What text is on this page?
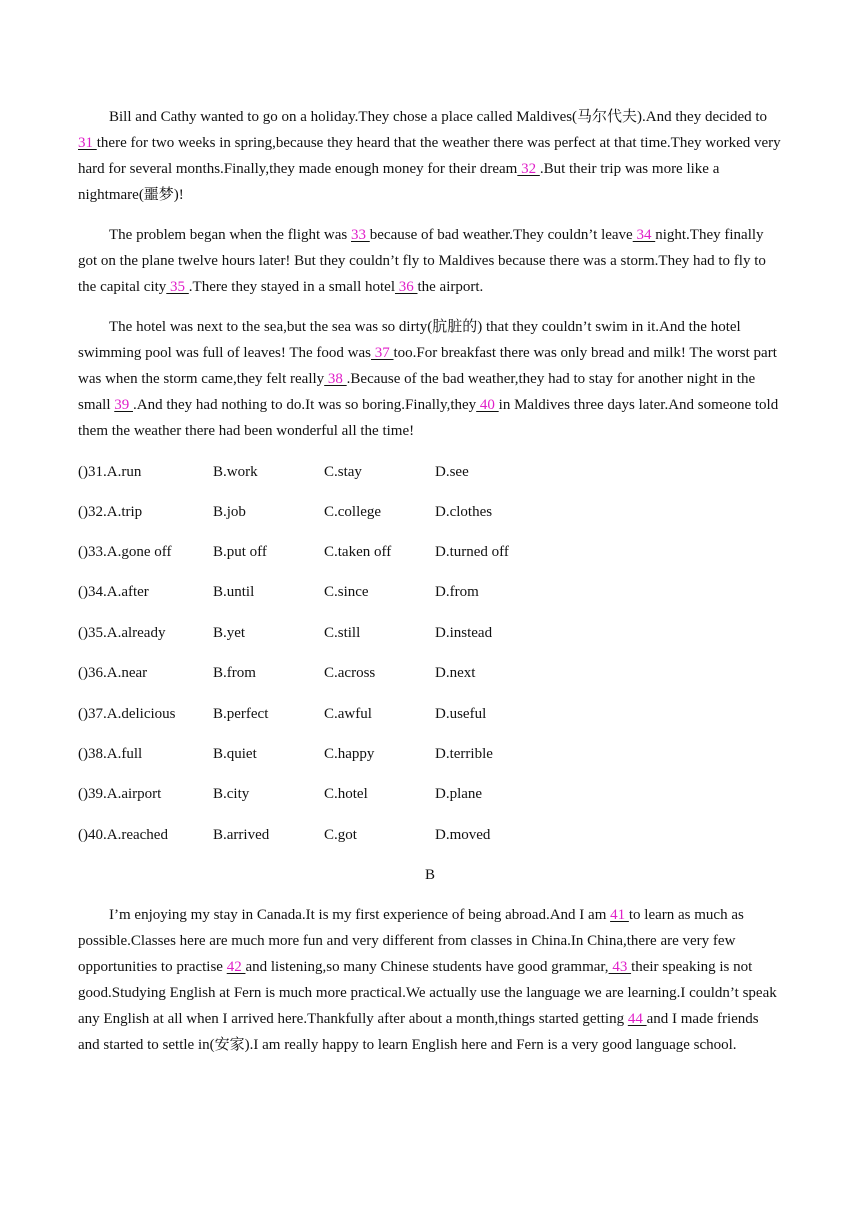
Bill and Cathy wanted to go on a holiday.They chose a place called Maldives(马尔代夫).And they decided to 31 there for two weeks in spring,because they heard that the weather there was perfect at that time.They worked very hard for several months.Finally,they made enough money for their dream 32 .But their trip was more like a nightmare(噩梦)!

The problem began when the flight was 33 because of bad weather.They couldn’t leave 34 night.They finally got on the plane twelve hours later! But they couldn’t fly to Maldives because there was a storm.They had to fly to the capital city 35 .There they stayed in a small hotel 36 the airport.

The hotel was next to the sea,but the sea was so dirty(肮脏的) that they couldn’t swim in it.And the hotel swimming pool was full of leaves! The food was 37 too.For breakfast there was only bread and milk! The worst part was when the storm came,they felt really 38 .Because of the bad weather,they had to stay for another night in the small 39 .And they had nothing to do.It was so boring.Finally,they 40 in Maldives three days later.And someone told them the weather there had been wonderful all the time!

()31.A.run	B.work	C.stay	D.see
()32.A.trip	B.job	C.college	D.clothes
()33.A.gone off	B.put off	C.taken off	D.turned off
()34.A.after	B.until	C.since	D.from
()35.A.already	B.yet	C.still	D.instead
()36.A.near	B.from	C.across	D.next
()37.A.delicious	B.perfect	C.awful	D.useful
()38.A.full	B.quiet	C.happy	D.terrible
()39.A.airport	B.city	C.hotel	D.plane
()40.A.reached	B.arrived	C.got	D.moved
B

I’m enjoying my stay in Canada.It is my first experience of being abroad.And I am 41 to learn as much as possible.Classes here are much more fun and very different from classes in China.In China,there are very few opportunities to practise 42 and listening,so many Chinese students have good grammar, 43 their speaking is not good.Studying English at Fern is much more practical.We actually use the language we are learning.I couldn’t speak any English at all when I arrived here.Thankfully after about a month,things started getting 44 and I made friends and started to settle in(安家).I am really happy to learn English here and Fern is a very good language school.
